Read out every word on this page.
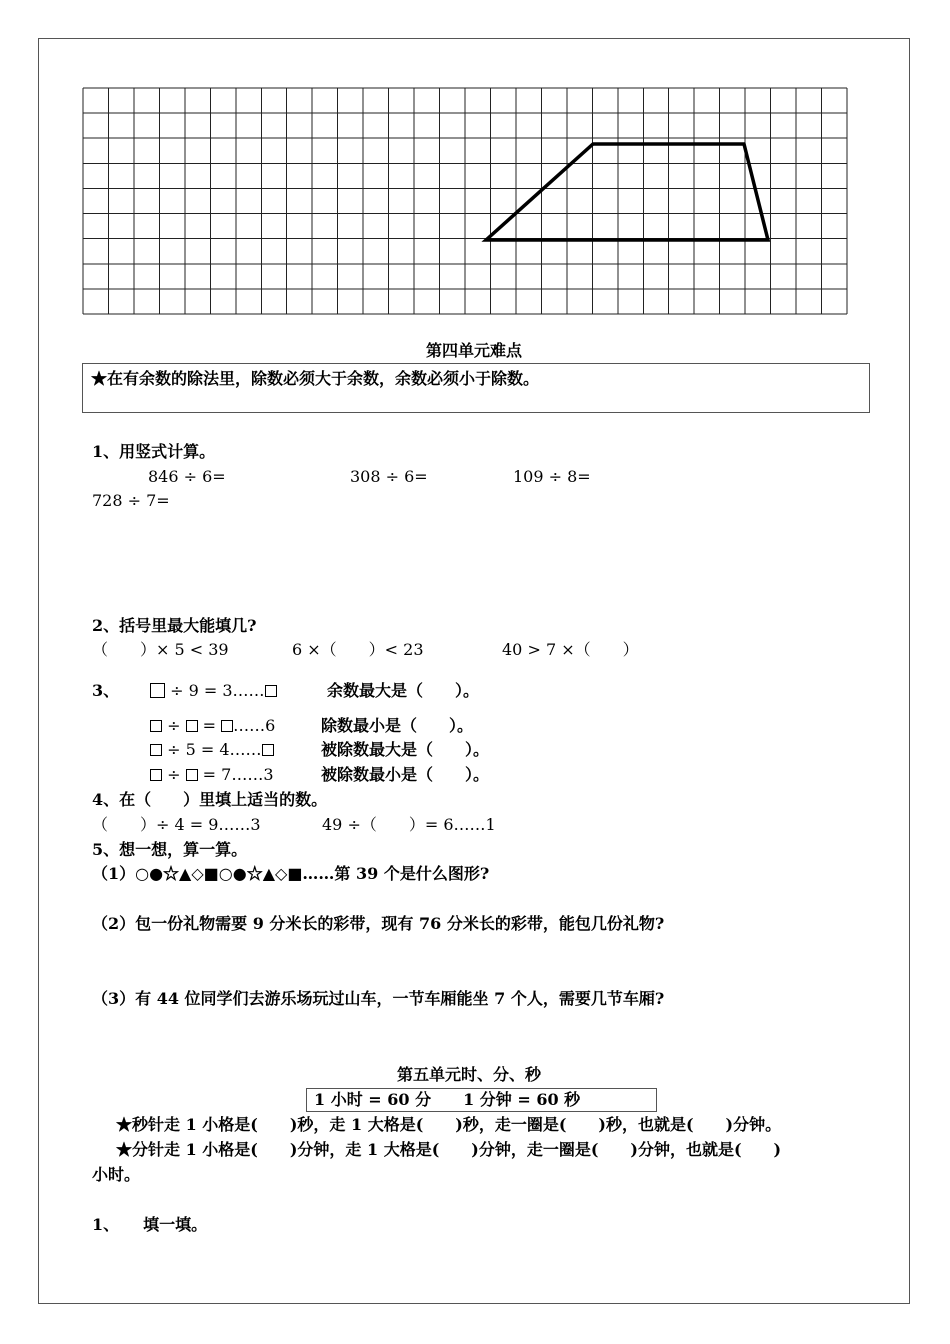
第四单元难点
★在有余数的除法里，除数必须大于余数，余数必须小于除数。
1、用竖式计算。
846 ÷ 6=	308 ÷ 6=	109 ÷ 8=
728 ÷ 7=
2、括号里最大能填几?
（　　）× 5 < 39	6 ×（　　）< 23	40 > 7 ×（　　）
3、	÷ 9 = 3……	余数最大是（　　）。
÷  = ……6	除数最小是（　　）。
÷ 5 = 4……	被除数最大是（　　）。
÷  = 7……3	被除数最小是（　　）。
4、在（　　）里填上适当的数。
（　　）÷ 4 = 9……3	49 ÷（　　）= 6……1
5、想一想，算一算。
（1）○●☆▲◇■○●☆▲◇■……第 39 个是什么图形?
（2）包一份礼物需要 9 分米长的彩带，现有 76 分米长的彩带，能包几份礼物?
（3）有 44 位同学们去游乐场玩过山车，一节车厢能坐 7 个人，需要几节车厢?
第五单元时、分、秒
1 小时 = 60 分　　1 分钟 = 60 秒
★秒针走 1 小格是(　　)秒，走 1 大格是(　　)秒，走一圈是(　　)秒，也就是(　　)分钟。
★分针走 1 小格是(　　)分钟，走 1 大格是(　　)分钟，走一圈是(　　)分钟，也就是(　　)
小时。
1、　　填一填。
